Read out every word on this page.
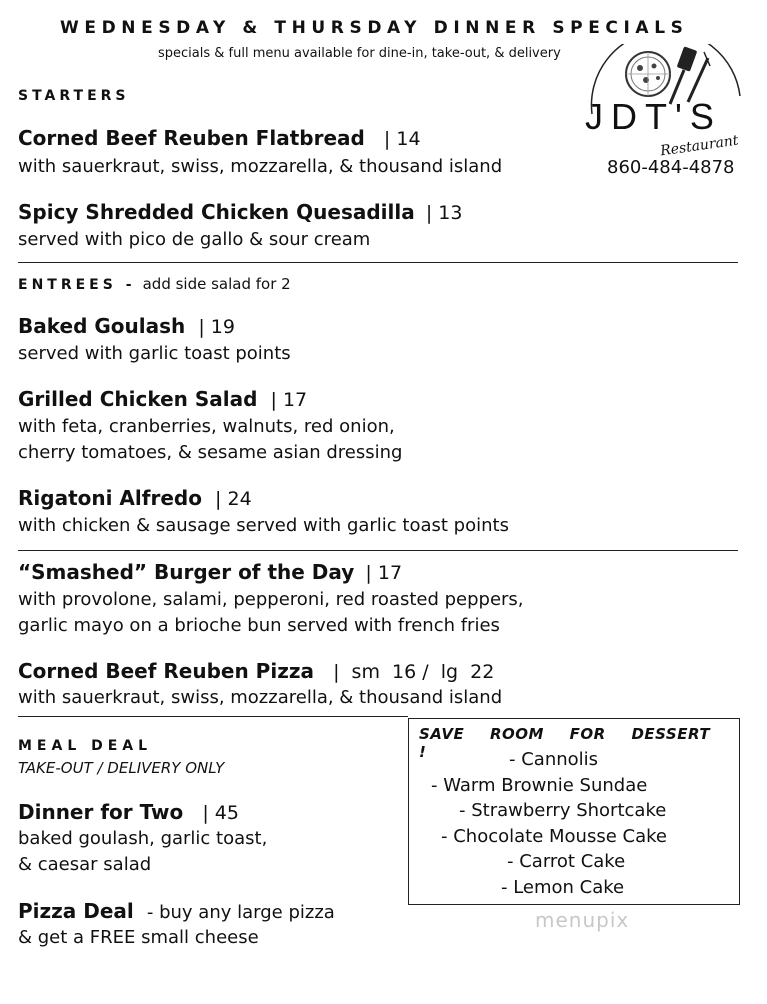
WEDNESDAY & THURSDAY DINNER SPECIALS
specials & full menu available for dine-in, take-out, & delivery
JDT'S
Restaurant
860-484-4878
STARTERS
Corned Beef Reuben Flatbread | 14
with sauerkraut, swiss, mozzarella, & thousand island
Spicy Shredded Chicken Quesadilla | 13
served with pico de gallo & sour cream
ENTREES - add side salad for 2
Baked Goulash | 19
served with garlic toast points
Grilled Chicken Salad | 17
with feta, cranberries, walnuts, red onion,
cherry tomatoes, & sesame asian dressing
Rigatoni Alfredo | 24
with chicken & sausage served with garlic toast points
“Smashed” Burger of the Day | 17
with provolone, salami, pepperoni, red roasted peppers,
garlic mayo on a brioche bun served with french fries
Corned Beef Reuben Pizza |  sm  16 /  lg  22
with sauerkraut, swiss, mozzarella, & thousand island
MEAL DEAL
TAKE-OUT / DELIVERY ONLY
Dinner for Two | 45
baked goulash, garlic toast,
& caesar salad
Pizza Deal - buy any large pizza
& get a FREE small cheese
SAVE ROOM FOR DESSERT !	- Cannolis
- Warm Brownie Sundae
- Strawberry Shortcake
- Chocolate Mousse Cake
- Carrot Cake
- Lemon Cake
menupix
